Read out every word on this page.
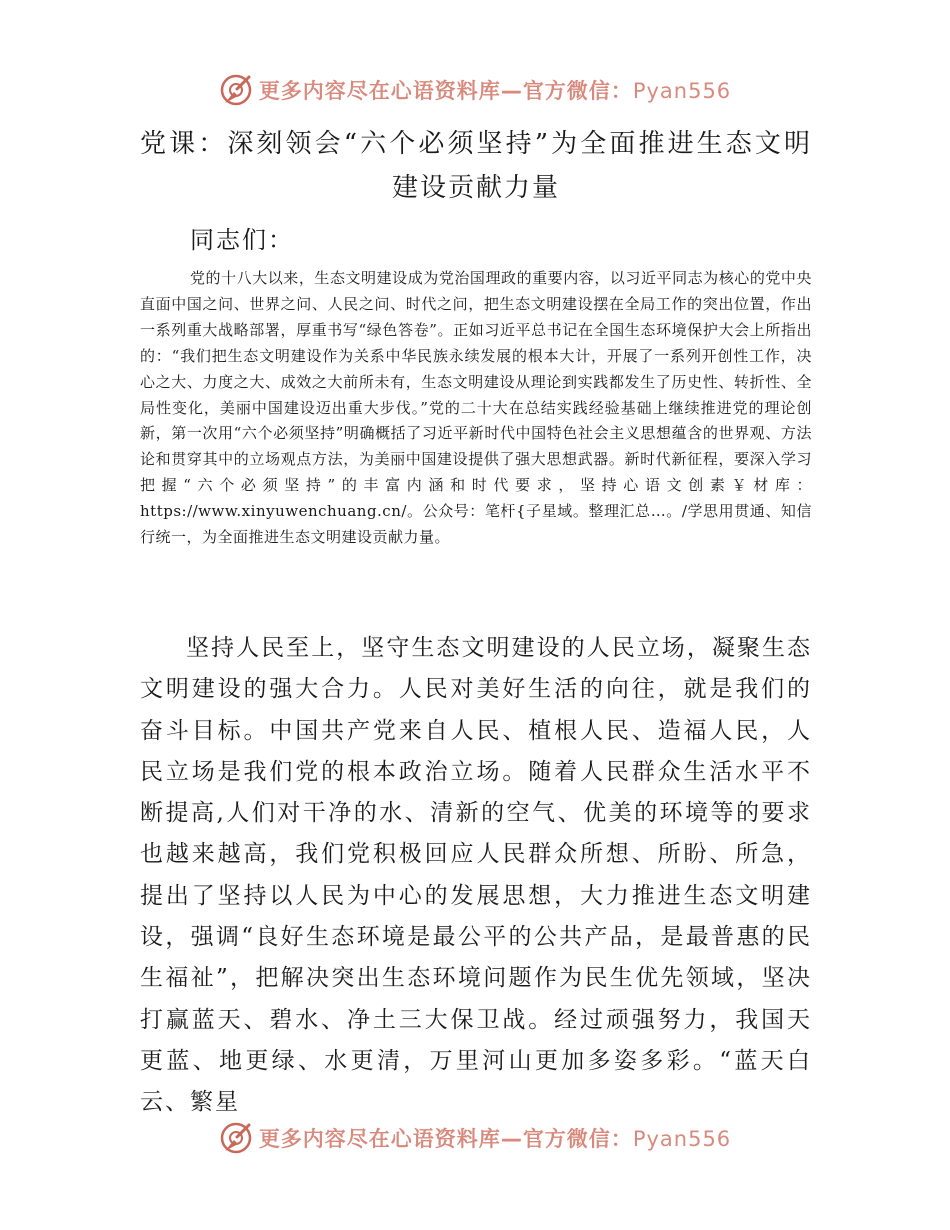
更多内容尽在心语资料库—官方微信：Pyan556
党课：深刻领会“六个必须坚持”为全面推进生态文明建设贡献力量
同志们：

党的十八大以来，生态文明建设成为党治国理政的重要内容，以习近平同志为核心的党中央直面中国之问、世界之问、人民之问、时代之问，把生态文明建设摆在全局工作的突出位置，作出一系列重大战略部署，厚重书写“绿色答卷”。正如习近平总书记在全国生态环境保护大会上所指出的：“我们把生态文明建设作为关系中华民族永续发展的根本大计，开展了一系列开创性工作，决心之大、力度之大、成效之大前所未有，生态文明建设从理论到实践都发生了历史性、转折性、全局性变化，美丽中国建设迈出重大步伐。”党的二十大在总结实践经验基础上继续推进党的理论创新，第一次用“六个必须坚持”明确概括了习近平新时代中国特色社会主义思想蕴含的世界观、方法论和贯穿其中的立场观点方法，为美丽中国建设提供了强大思想武器。新时代新征程，要深入学习把握“六个必须坚持”的丰富内涵和时代要求，坚持心语文创素￥材库：https://www.xinyuwenchuang.cn/。公众号：笔杆{子星域。整理汇总…。/学思用贯通、知信行统一，为全面推进生态文明建设贡献力量。

坚持人民至上，坚守生态文明建设的人民立场，凝聚生态文明建设的强大合力。人民对美好生活的向往，就是我们的奋斗目标。中国共产党来自人民、植根人民、造福人民，人民立场是我们党的根本政治立场。随着人民群众生活水平不断提高,人们对干净的水、清新的空气、优美的环境等的要求也越来越高，我们党积极回应人民群众所想、所盼、所急，提出了坚持以人民为中心的发展思想，大力推进生态文明建设，强调“良好生态环境是最公平的公共产品，是最普惠的民生福祉”，把解决突出生态环境问题作为民生优先领域，坚决打赢蓝天、碧水、净土三大保卫战。经过顽强努力，我国天更蓝、地更绿、水更清，万里河山更加多姿多彩。“蓝天白云、繁星

更多内容尽在心语资料库—官方微信：Pyan556
